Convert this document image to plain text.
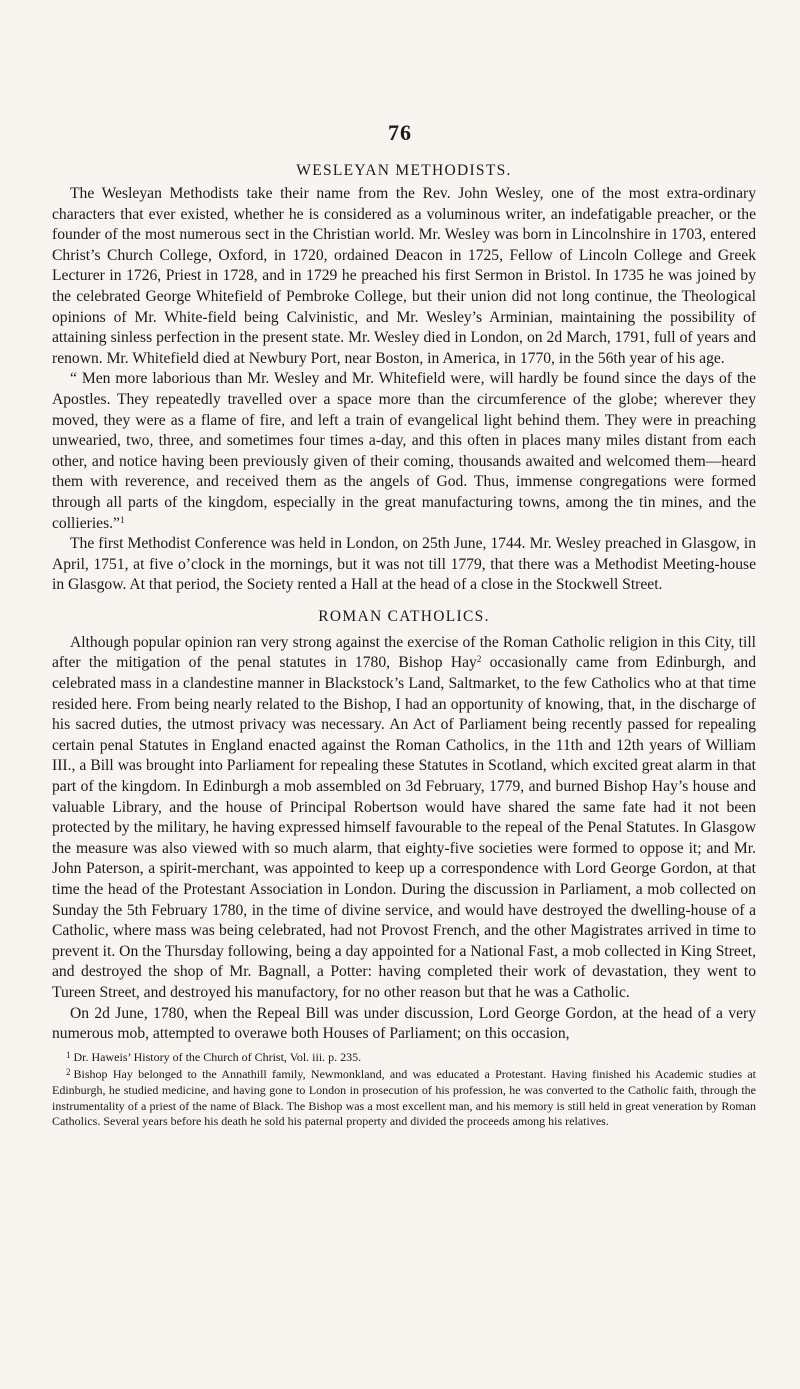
76
WESLEYAN METHODISTS.

The Wesleyan Methodists take their name from the Rev. John Wesley, one of the most extra-ordinary characters that ever existed, whether he is considered as a voluminous writer, an indefatigable preacher, or the founder of the most numerous sect in the Christian world. Mr. Wesley was born in Lincolnshire in 1703, entered Christ’s Church College, Oxford, in 1720, ordained Deacon in 1725, Fellow of Lincoln College and Greek Lecturer in 1726, Priest in 1728, and in 1729 he preached his first Sermon in Bristol. In 1735 he was joined by the celebrated George Whitefield of Pembroke College, but their union did not long continue, the Theological opinions of Mr. White-field being Calvinistic, and Mr. Wesley’s Arminian, maintaining the possibility of attaining sinless perfection in the present state. Mr. Wesley died in London, on 2d March, 1791, full of years and renown. Mr. Whitefield died at Newbury Port, near Boston, in America, in 1770, in the 56th year of his age.

“ Men more laborious than Mr. Wesley and Mr. Whitefield were, will hardly be found since the days of the Apostles. They repeatedly travelled over a space more than the circumference of the globe; wherever they moved, they were as a flame of fire, and left a train of evangelical light behind them. They were in preaching unwearied, two, three, and sometimes four times a-day, and this often in places many miles distant from each other, and notice having been previously given of their coming, thousands awaited and welcomed them—heard them with reverence, and received them as the angels of God. Thus, immense congregations were formed through all parts of the kingdom, especially in the great manufacturing towns, among the tin mines, and the collieries.”$^1$

The first Methodist Conference was held in London, on 25th June, 1744. Mr. Wesley preached in Glasgow, in April, 1751, at five o’clock in the mornings, but it was not till 1779, that there was a Methodist Meeting-house in Glasgow. At that period, the Society rented a Hall at the head of a close in the Stockwell Street.

ROMAN CATHOLICS.

Although popular opinion ran very strong against the exercise of the Roman Catholic religion in this City, till after the mitigation of the penal statutes in 1780, Bishop Hay$^2$ occasionally came from Edinburgh, and celebrated mass in a clandestine manner in Blackstock’s Land, Saltmarket, to the few Catholics who at that time resided here. From being nearly related to the Bishop, I had an opportunity of knowing, that, in the discharge of his sacred duties, the utmost privacy was necessary. An Act of Parliament being recently passed for repealing certain penal Statutes in England enacted against the Roman Catholics, in the 11th and 12th years of William III., a Bill was brought into Parliament for repealing these Statutes in Scotland, which excited great alarm in that part of the kingdom. In Edinburgh a mob assembled on 3d February, 1779, and burned Bishop Hay’s house and valuable Library, and the house of Principal Robertson would have shared the same fate had it not been protected by the military, he having expressed himself favourable to the repeal of the Penal Statutes. In Glasgow the measure was also viewed with so much alarm, that eighty-five societies were formed to oppose it; and Mr. John Paterson, a spirit-merchant, was appointed to keep up a correspondence with Lord George Gordon, at that time the head of the Protestant Association in London. During the discussion in Parliament, a mob collected on Sunday the 5th February 1780, in the time of divine service, and would have destroyed the dwelling-house of a Catholic, where mass was being celebrated, had not Provost French, and the other Magistrates arrived in time to prevent it. On the Thursday following, being a day appointed for a National Fast, a mob collected in King Street, and destroyed the shop of Mr. Bagnall, a Potter: having completed their work of devastation, they went to Tureen Street, and destroyed his manufactory, for no other reason but that he was a Catholic.

On 2d June, 1780, when the Repeal Bill was under discussion, Lord George Gordon, at the head of a very numerous mob, attempted to overawe both Houses of Parliament; on this occasion,

$^1$ Dr. Haweis’ History of the Church of Christ, Vol. iii. p. 235.

$^2$ Bishop Hay belonged to the Annathill family, Newmonkland, and was educated a Protestant. Having finished his Academic studies at Edinburgh, he studied medicine, and having gone to London in prosecution of his profession, he was converted to the Catholic faith, through the instrumentality of a priest of the name of Black. The Bishop was a most excellent man, and his memory is still held in great veneration by Roman Catholics. Several years before his death he sold his paternal property and divided the proceeds among his relatives.
